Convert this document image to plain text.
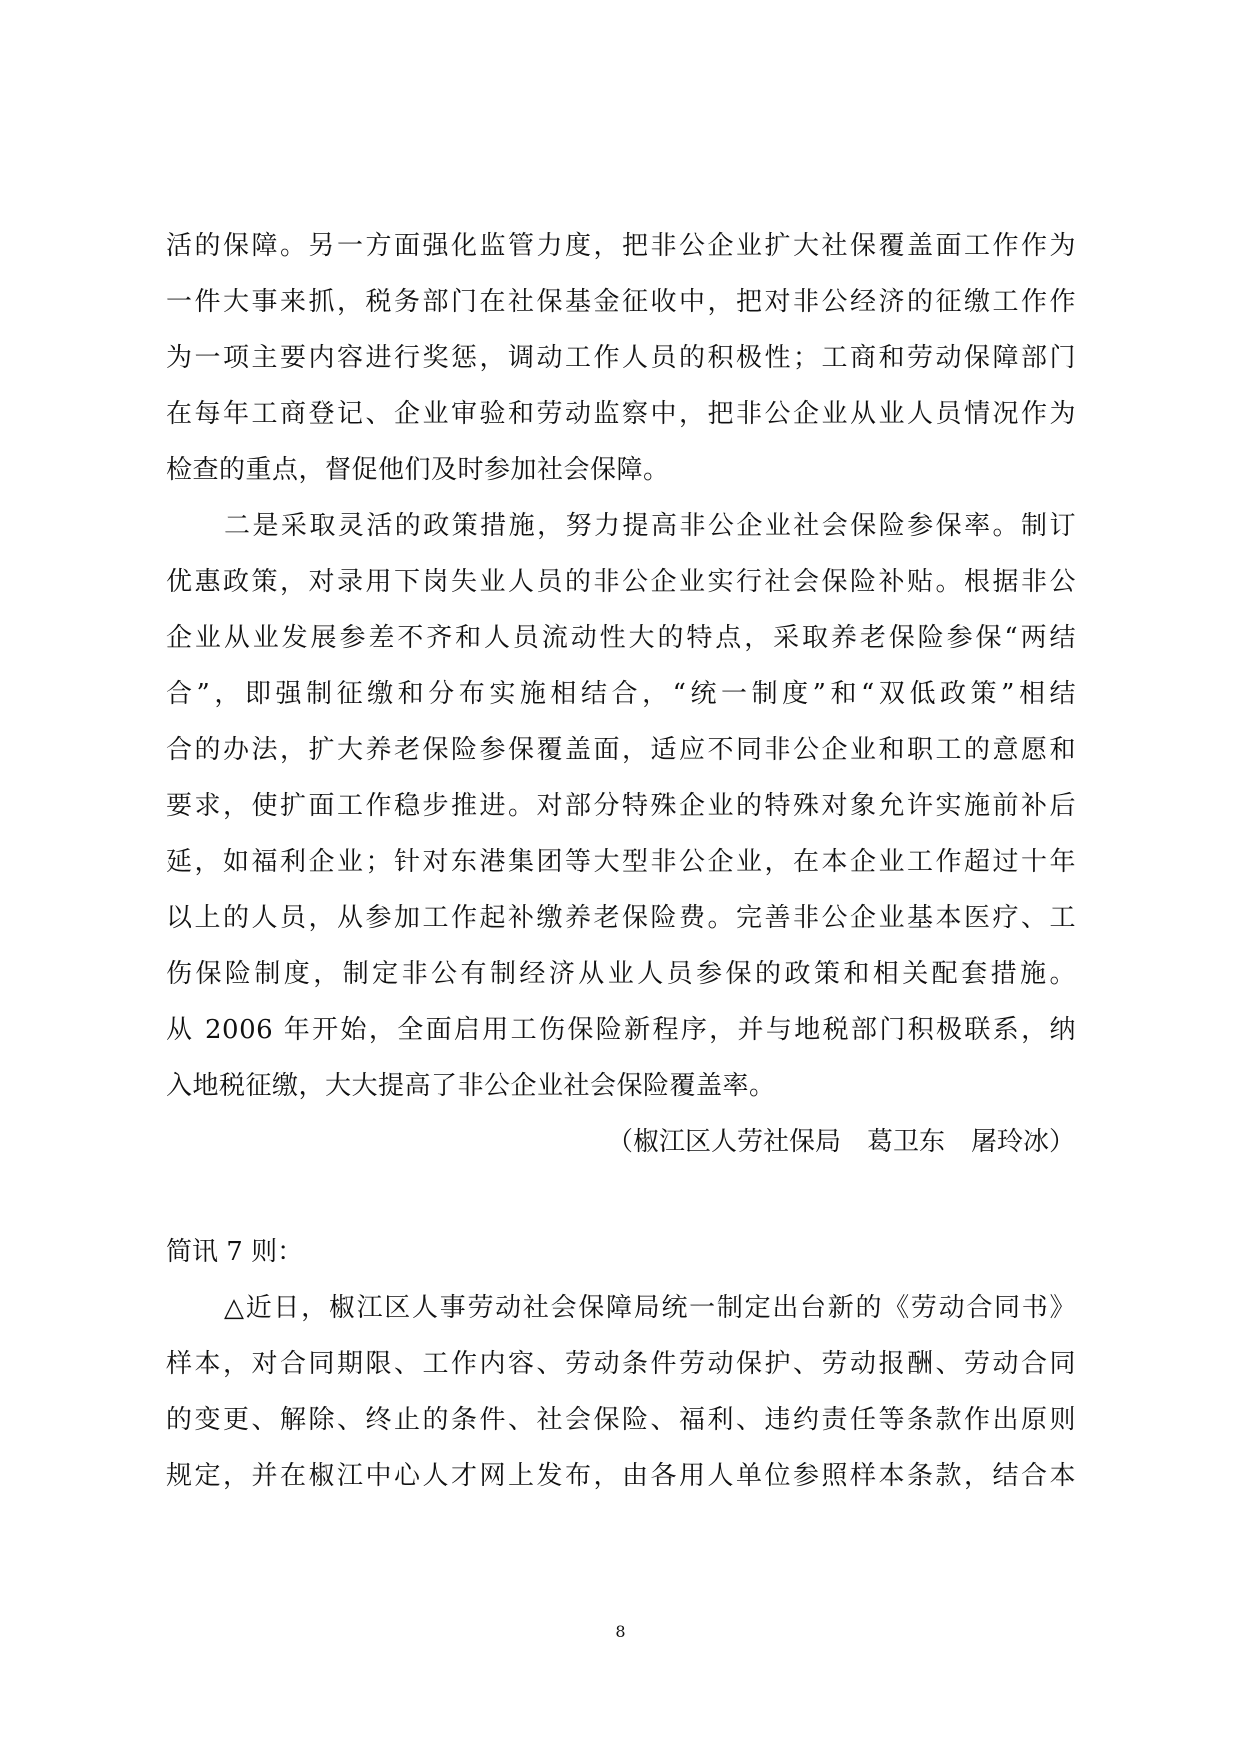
活的保障。另一方面强化监管力度，把非公企业扩大社保覆盖面工作作为
一件大事来抓，税务部门在社保基金征收中，把对非公经济的征缴工作作
为一项主要内容进行奖惩，调动工作人员的积极性；工商和劳动保障部门
在每年工商登记、企业审验和劳动监察中，把非公企业从业人员情况作为
检查的重点，督促他们及时参加社会保障。
二是采取灵活的政策措施，努力提高非公企业社会保险参保率。制订
优惠政策，对录用下岗失业人员的非公企业实行社会保险补贴。根据非公
企业从业发展参差不齐和人员流动性大的特点，采取养老保险参保“两结
合”，即强制征缴和分布实施相结合，“统一制度”和“双低政策”相结
合的办法，扩大养老保险参保覆盖面，适应不同非公企业和职工的意愿和
要求，使扩面工作稳步推进。对部分特殊企业的特殊对象允许实施前补后
延，如福利企业；针对东港集团等大型非公企业，在本企业工作超过十年
以上的人员，从参加工作起补缴养老保险费。完善非公企业基本医疗、工
伤保险制度，制定非公有制经济从业人员参保的政策和相关配套措施。
从 2006 年开始，全面启用工伤保险新程序，并与地税部门积极联系，纳
入地税征缴，大大提高了非公企业社会保险覆盖率。
（椒江区人劳社保局　葛卫东　屠玲冰）
简讯 7 则：
△近日，椒江区人事劳动社会保障局统一制定出台新的《劳动合同书》
样本，对合同期限、工作内容、劳动条件劳动保护、劳动报酬、劳动合同
的变更、解除、终止的条件、社会保险、福利、违约责任等条款作出原则
规定，并在椒江中心人才网上发布，由各用人单位参照样本条款，结合本
8
